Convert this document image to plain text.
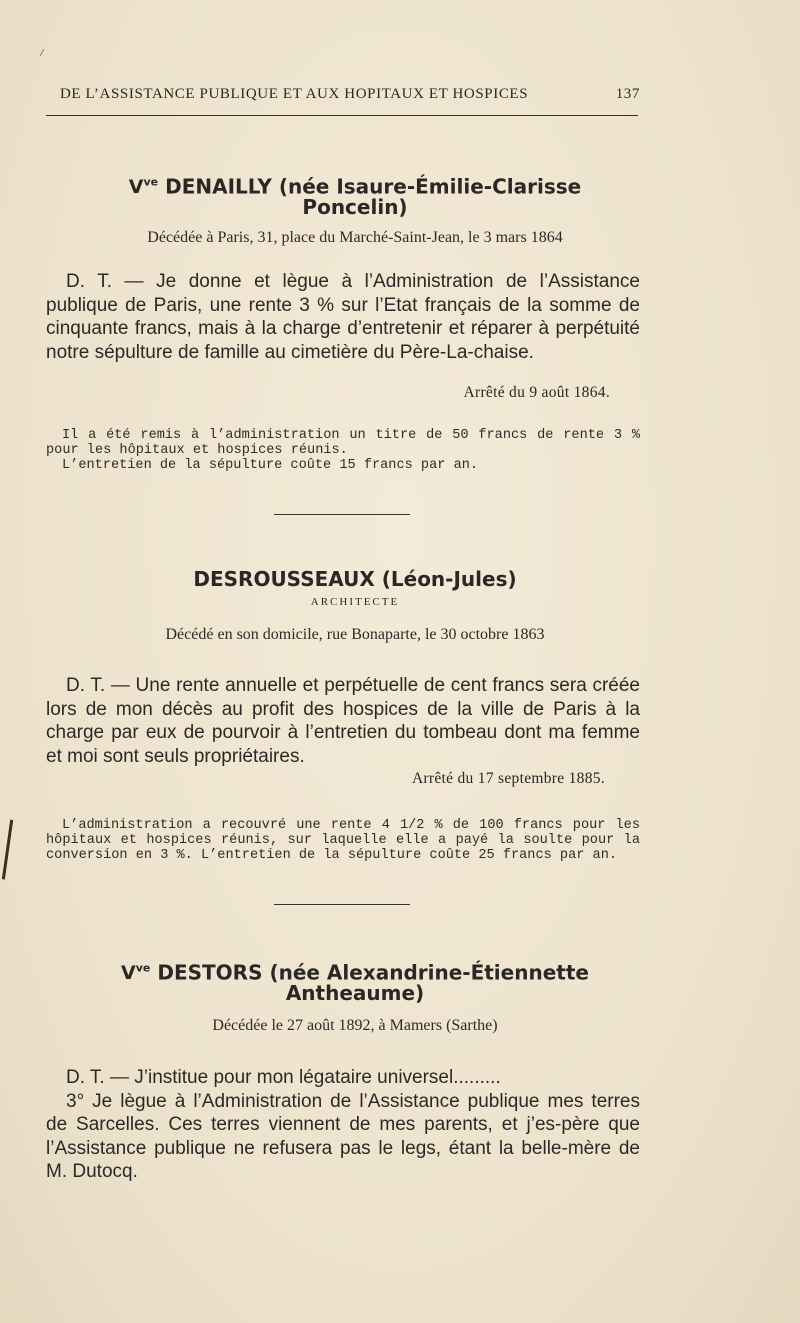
DE L’ASSISTANCE PUBLIQUE ET AUX HOPITAUX ET HOSPICES	137
$V^{ve}$ DENAILLY (née Isaure-Émilie-Clarisse
Poncelin)
Décédée à Paris, 31, place du Marché-Saint-Jean, le 3 mars 1864

D. T. — Je donne et lègue à l’Administration de l’Assistance publique de Paris, une rente 3 % sur l’Etat français de la somme de cinquante francs, mais à la charge d’entretenir et réparer à perpétuité notre sépulture de famille au cimetière du Père-La-chaise.

Arrêté du 9 août 1864.

Il a été remis à l’administration un titre de 50 francs de rente 3 % pour les hôpitaux et hospices réunis.

L’entretien de la sépulture coûte 15 francs par an.

DESROUSSEAUX (Léon-Jules)
ARCHITECTE
Décédé en son domicile, rue Bonaparte, le 30 octobre 1863

D. T. — Une rente annuelle et perpétuelle de cent francs sera créée lors de mon décès au profit des hospices de la ville de Paris à la charge par eux de pourvoir à l’entretien du tombeau dont ma femme et moi sont seuls propriétaires.

Arrêté du 17 septembre 1885.

L’administration a recouvré une rente 4 1/2 % de 100 francs pour les hôpitaux et hospices réunis, sur laquelle elle a payé la soulte pour la conversion en 3 %. L’entretien de la sépulture coûte 25 francs par an.

$V^{ve}$ DESTORS (née Alexandrine-Étiennette
Antheaume)
Décédée le 27 août 1892, à Mamers (Sarthe)

D. T. — J’institue pour mon légataire universel.........

3° Je lègue à l’Administration de l’Assistance publique mes terres de Sarcelles. Ces terres viennent de mes parents, et j’es-père que l’Assistance publique ne refusera pas le legs, étant la belle-mère de M. Dutocq.
